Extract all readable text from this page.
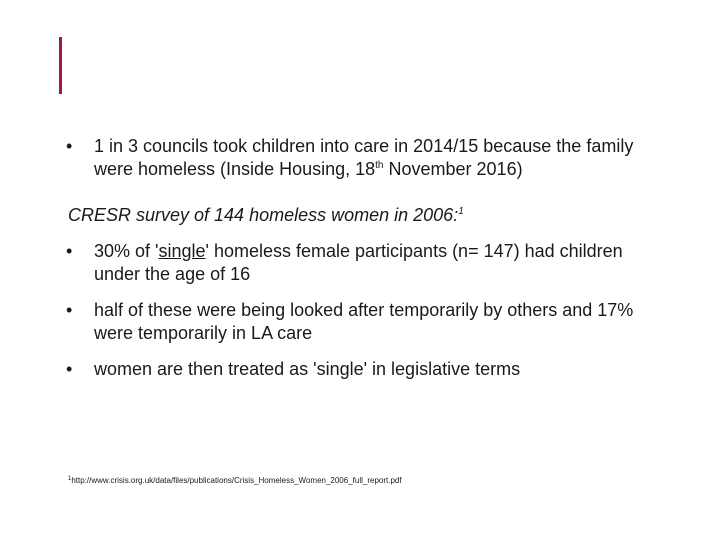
•	1 in 3 councils took children into care in 2014/15 because the family were homeless (Inside Housing, 18th November 2016)
CRESR survey of 144 homeless women in 2006:$^1$
•	30% of 'single' homeless female participants (n= 147) had children under the age of 16
•	half of these were being looked after temporarily by others and 17% were temporarily in LA care
•	women are then treated as 'single' in legislative terms
$^1$http://www.crisis.org.uk/data/files/publications/Crisis_Homeless_Women_2006_full_report.pdf
